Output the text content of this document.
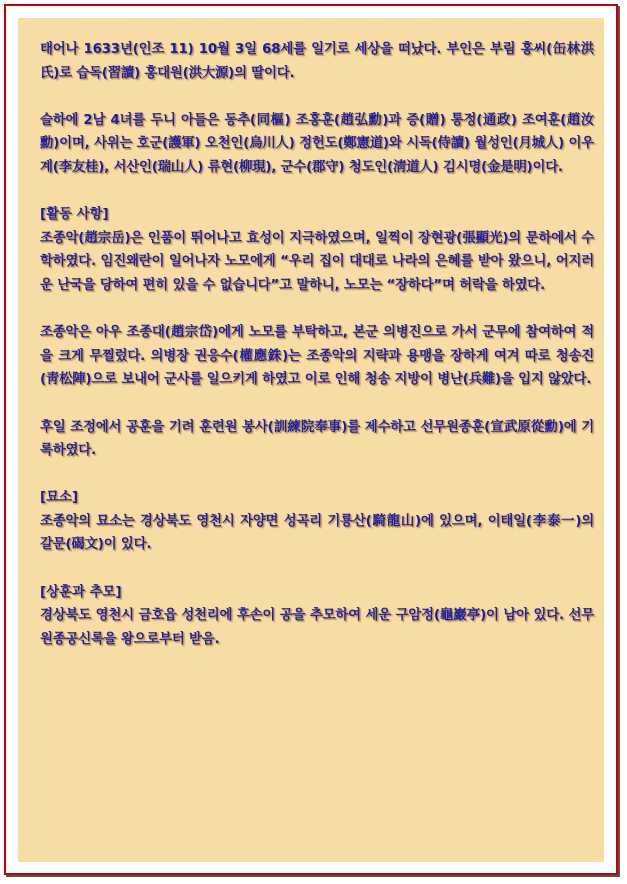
태어나 1633년(인조 11) 10월 3일 68세를 일기로 세상을 떠났다. 부인은 부림 홍씨(缶林洪氏)로 습독(習讀) 홍대원(洪大源)의 딸이다.

슬하에 2남 4녀를 두니 아들은 동추(同樞) 조홍훈(趙弘勳)과 증(贈) 통정(通政) 조여훈(趙汝勳)이며, 사위는 호군(護軍) 오천인(烏川人) 정헌도(鄭憲道)와 시독(侍讀) 월성인(月城人) 이우계(李友桂), 서산인(瑞山人) 류현(柳現), 군수(郡守) 청도인(淸道人) 김시명(金是明)이다.

[활동 사항]

조종악(趙宗岳)은 인품이 뛰어나고 효성이 지극하였으며, 일찍이 장현광(張顯光)의 문하에서 수학하였다. 임진왜란이 일어나자 노모에게 “우리 집이 대대로 나라의 은혜를 받아 왔으니, 어지러운 난국을 당하여 편히 있을 수 없습니다”고 말하니, 노모는 “장하다”며 허락을 하였다.

조종악은 아우 조종대(趙宗岱)에게 노모를 부탁하고, 본군 의병진으로 가서 군무에 참여하여 적을 크게 무찔렀다. 의병장 권응수(權應銖)는 조종악의 지략과 용맹을 장하게 여겨 따로 청송진(靑松陣)으로 보내어 군사를 일으키게 하였고 이로 인해 청송 지방이 병난(兵難)을 입지 않았다.

후일 조정에서 공훈을 기려 훈련원 봉사(訓練院奉事)를 제수하고 선무원종훈(宣武原從勳)에 기록하였다.

[묘소]

조종악의 묘소는 경상북도 영천시 자양면 성곡리 기룡산(騎龍山)에 있으며, 이태일(李泰一)의 갈문(碣文)이 있다.

[상훈과 추모]

경상북도 영천시 금호읍 성천리에 후손이 공을 추모하여 세운 구암정(龜巖亭)이 남아 있다. 선무원종공신록을 왕으로부터 받음.
